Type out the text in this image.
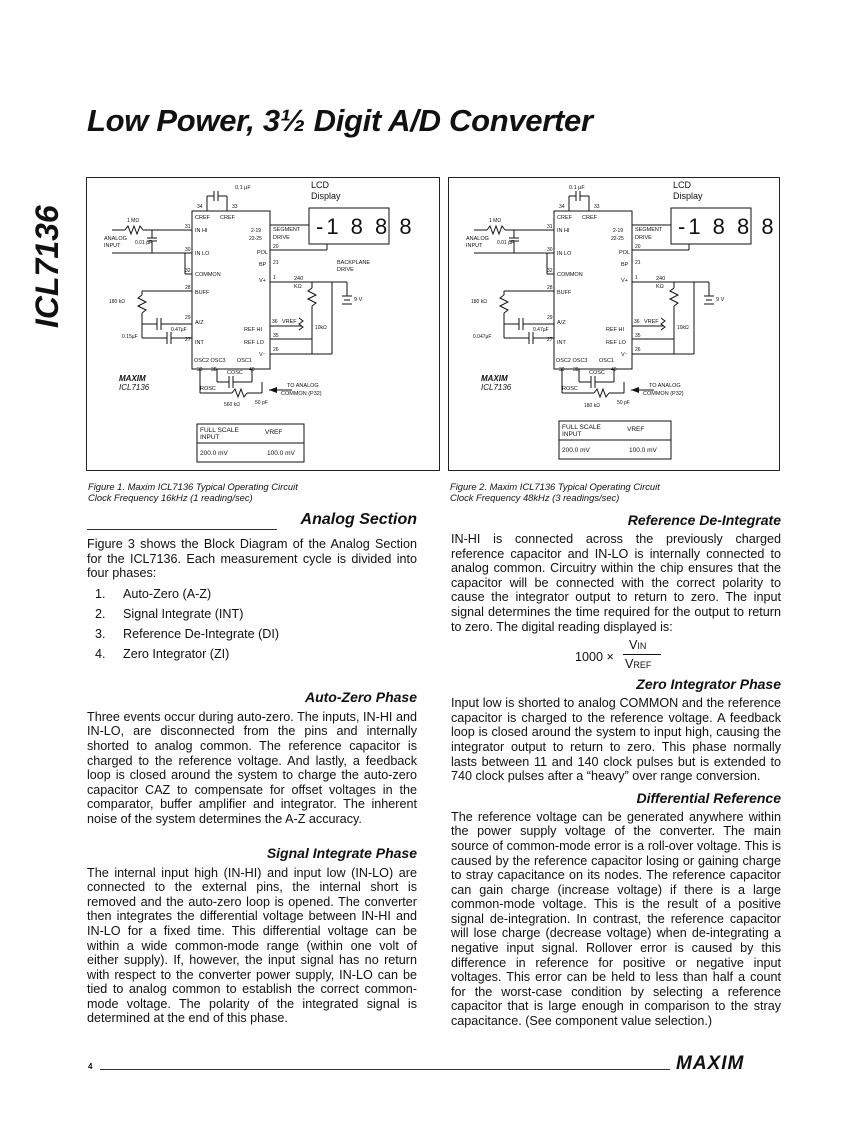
Low Power, 3½ Digit A/D Converter
ICL7136
0.1 µF	LCD
Display
-1 8 8 8
34	33
CREF CREF
31
IN HI	2-19
22-25
SEGMENT
DRIVE
20
POL
BP 21	BACKPLANE
DRIVE
1 MΩ
ANALOG
INPUT	0.01 µF
30
IN LO
32
COMMON	1
V+
28
BUFF
240
KΩ
9 V
180 kΩ
29
A/Z
0.15µF
0.47µF
27
36 VREF
REF HI	10kΩ
REF LO
35
INT
26
OSC2 OSC3 OSC1
V⁻
39 38 COSC 40
ROSC
50 pF
560 kΩ
TO ANALOG
COMMON (P32)
MAXIM
ICL7136
FULL SCALE
INPUT
VREF
200.0 mV	100.0 mV
Figure 1. Maxim ICL7136 Typical Operating Circuit
Clock Frequency 16kHz (1 reading/sec)
0.1 µF	LCD
Display
-1 8 8 8
34	33
CREF CREF
31
IN HI	2-19
22-25
SEGMENT
DRIVE
20
POL
BP 21
1 MΩ
ANALOG
INPUT	0.01 µF
30
IN LO
32
COMMON	1
V+
28
BUFF
240
KΩ
9 V
180 kΩ
29
A/Z
0.047µF
0.47µF
27
36 VREF
REF HI	10kΩ
REF LO
35
INT
26
OSC2 OSC3 OSC1
V⁻
39 38 COSC 40
ROSC
50 pF
180 kΩ
TO ANALOG
COMMON (P32)
MAXIM
ICL7136
FULL SCALE
INPUT
VREF
200.0 mV	100.0 mV
Figure 2. Maxim ICL7136 Typical Operating Circuit
Clock Frequency 48kHz (3 readings/sec)
Analog Section
Figure 3 shows the Block Diagram of the Analog Section for the ICL7136. Each measurement cycle is divided into four phases:
1. Auto-Zero (A-Z)
2. Signal Integrate (INT)
3. Reference De-Integrate (DI)
4. Zero Integrator (ZI)
Auto-Zero Phase
Three events occur during auto-zero. The inputs, IN-HI and IN-LO, are disconnected from the pins and internally shorted to analog common. The reference capacitor is charged to the reference voltage. And lastly, a feedback loop is closed around the system to charge the auto-zero capacitor CAZ to compensate for offset voltages in the comparator, buffer amplifier and integrator. The inherent noise of the system determines the A-Z accuracy.
Signal Integrate Phase
The internal input high (IN-HI) and input low (IN-LO) are connected to the external pins, the internal short is removed and the auto-zero loop is opened. The converter then integrates the differential voltage between IN-HI and IN-LO for a fixed time. This differential voltage can be within a wide common-mode range (within one volt of either supply). If, however, the input signal has no return with respect to the converter power supply, IN-LO can be tied to analog common to establish the correct common-mode voltage. The polarity of the integrated signal is determined at the end of this phase.
Reference De-Integrate
IN-HI is connected across the previously charged reference capacitor and IN-LO is internally connected to analog common. Circuitry within the chip ensures that the capacitor will be connected with the correct polarity to cause the integrator output to return to zero. The input signal determines the time required for the output to return to zero. The digital reading displayed is:
1000 ×
VIN
VREF
Zero Integrator Phase
Input low is shorted to analog COMMON and the reference capacitor is charged to the reference voltage. A feedback loop is closed around the system to input high, causing the integrator output to return to zero. This phase normally lasts between 11 and 140 clock pulses but is extended to 740 clock pulses after a “heavy” over range conversion.
Differential Reference
The reference voltage can be generated anywhere within the power supply voltage of the converter. The main source of common-mode error is a roll-over voltage. This is caused by the reference capacitor losing or gaining charge to stray capacitance on its nodes. The reference capacitor can gain charge (increase voltage) if there is a large common-mode voltage. This is the result of a positive signal de-integration. In contrast, the reference capacitor will lose charge (decrease voltage) when de-integrating a negative input signal. Rollover error is caused by this difference in reference for positive or negative input voltages. This error can be held to less than half a count for the worst-case condition by selecting a reference capacitor that is large enough in comparison to the stray capacitance. (See component value selection.)
4	MAXIM
